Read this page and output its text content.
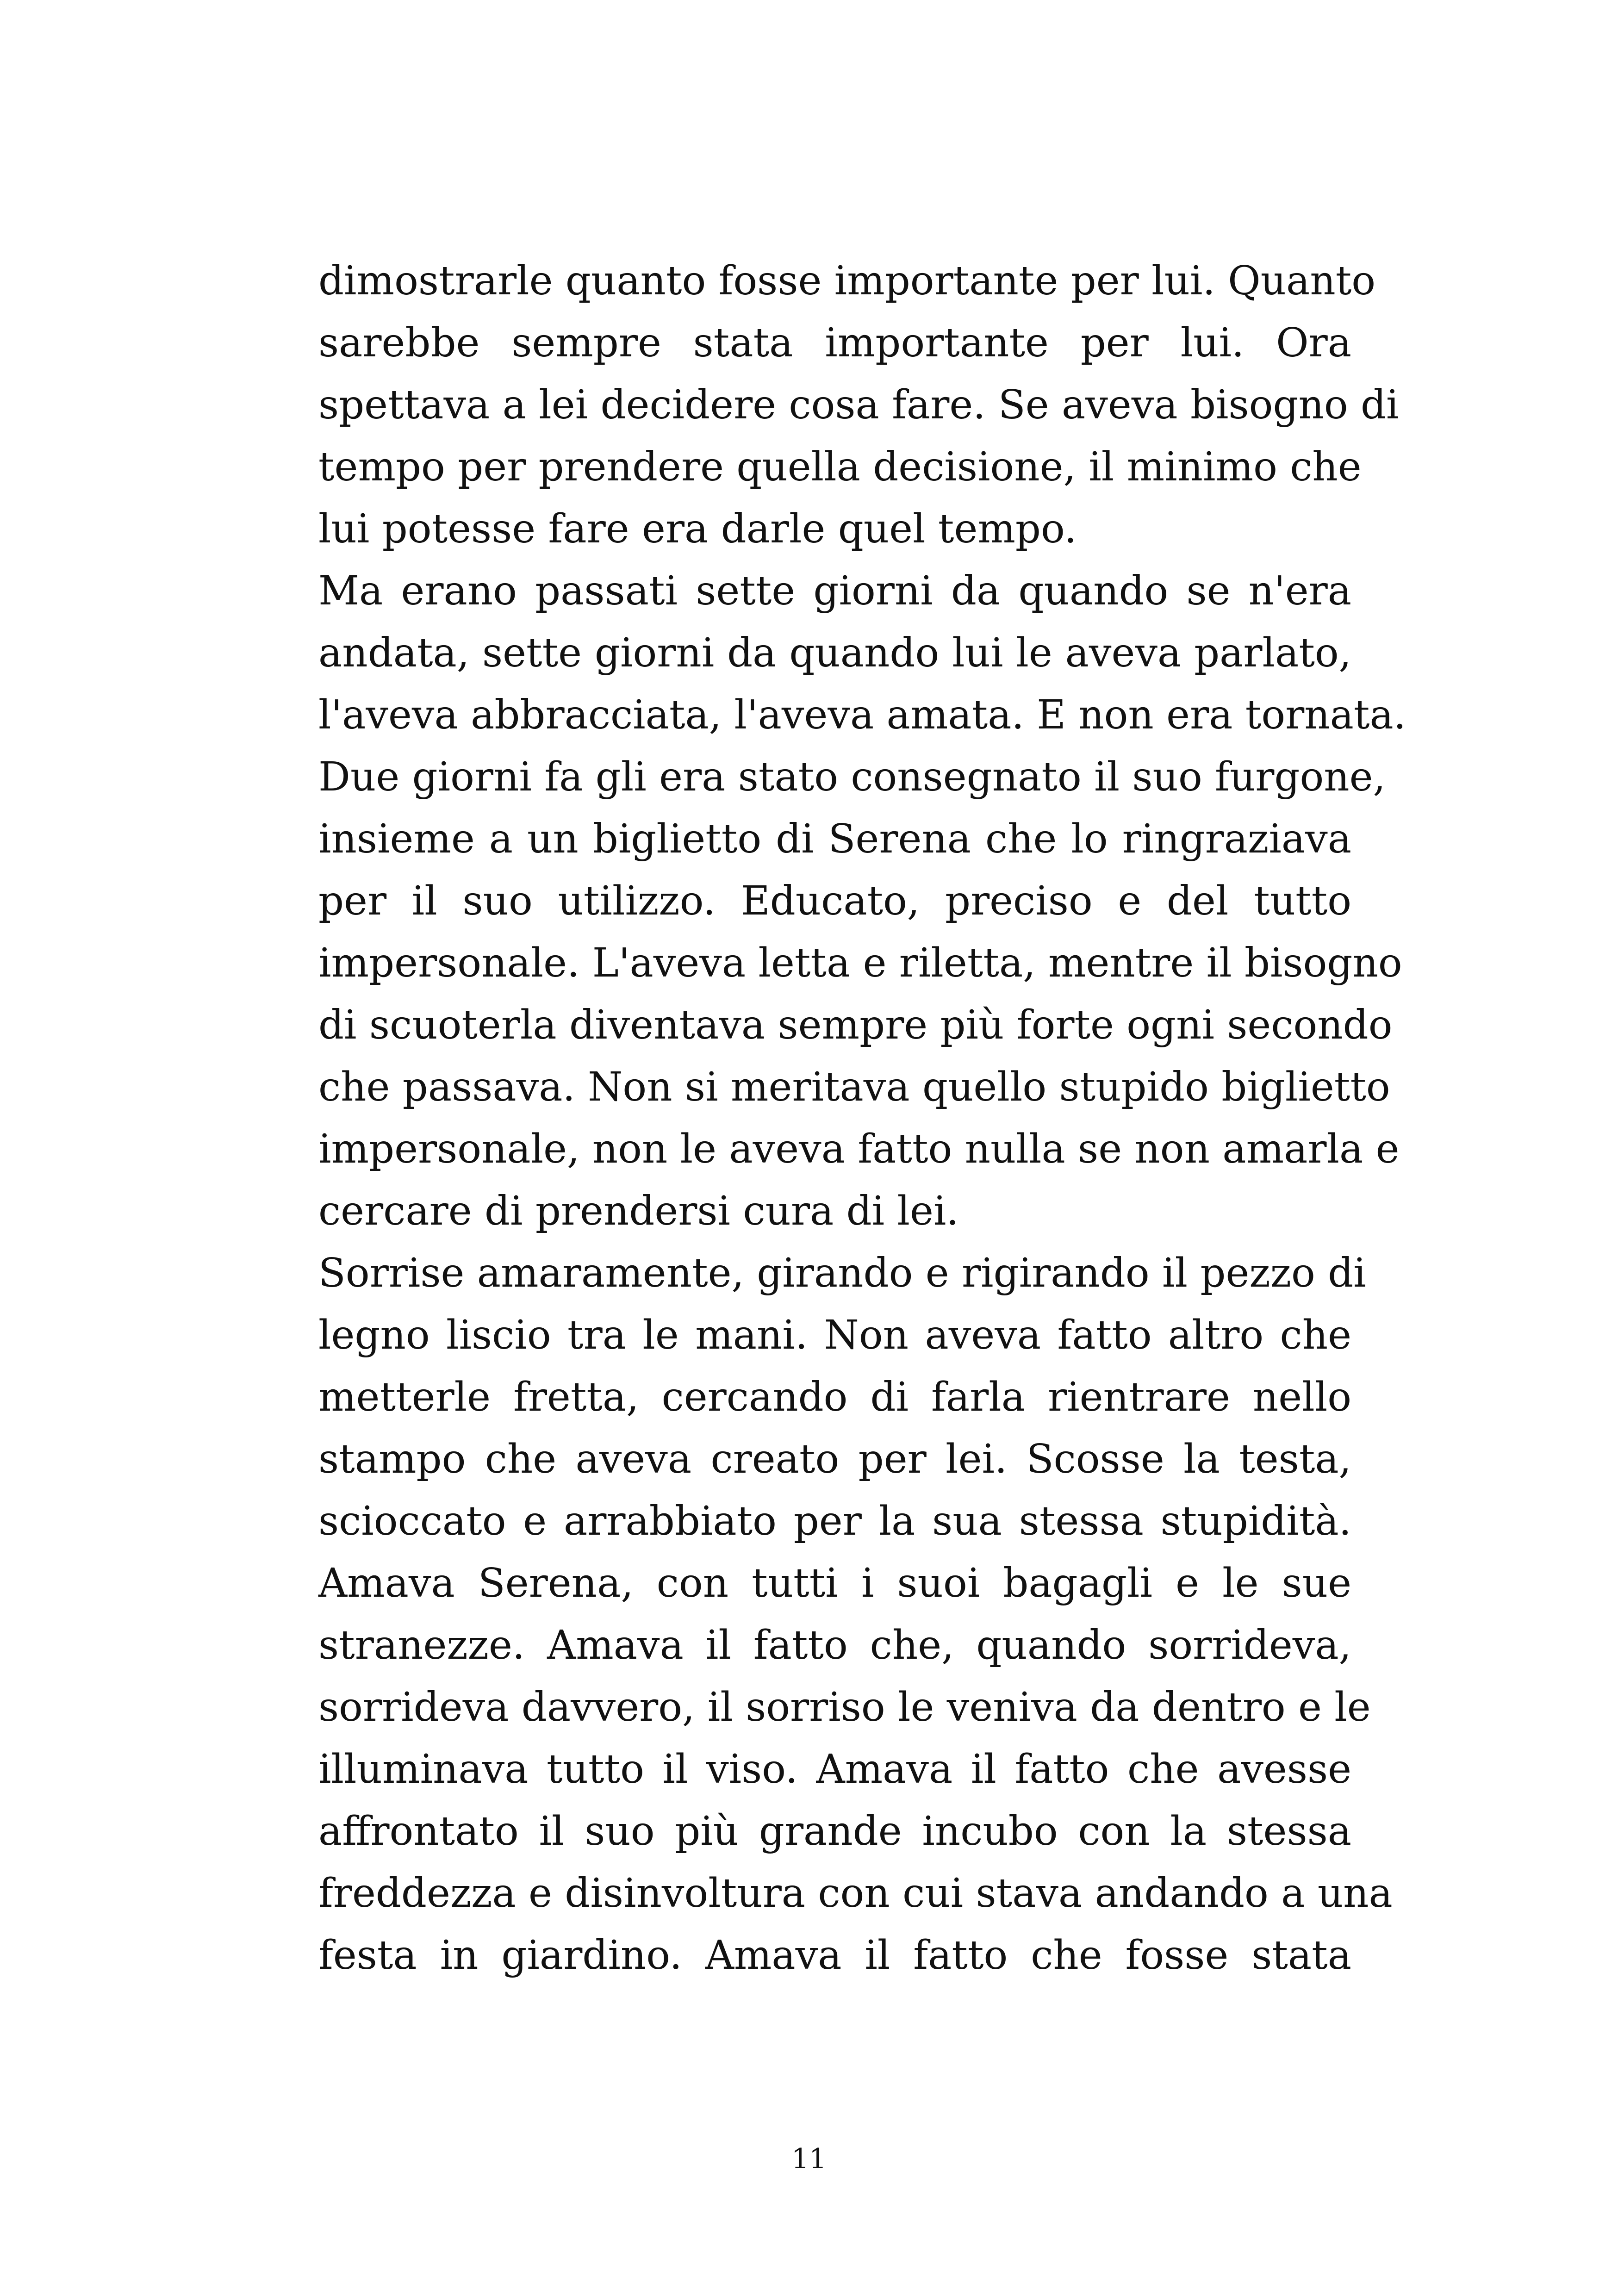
dimostrarle quanto fosse importante per lui. Quanto
sarebbe sempre stata importante per lui. Ora
spettava a lei decidere cosa fare. Se aveva bisogno di
tempo per prendere quella decisione, il minimo che
lui potesse fare era darle quel tempo.
Ma erano passati sette giorni da quando se n'era
andata, sette giorni da quando lui le aveva parlato,
l'aveva abbracciata, l'aveva amata. E non era tornata.
Due giorni fa gli era stato consegnato il suo furgone,
insieme a un biglietto di Serena che lo ringraziava
per il suo utilizzo. Educato, preciso e del tutto
impersonale. L'aveva letta e riletta, mentre il bisogno
di scuoterla diventava sempre più forte ogni secondo
che passava. Non si meritava quello stupido biglietto
impersonale, non le aveva fatto nulla se non amarla e
cercare di prendersi cura di lei.
Sorrise amaramente, girando e rigirando il pezzo di
legno liscio tra le mani. Non aveva fatto altro che
metterle fretta, cercando di farla rientrare nello
stampo che aveva creato per lei. Scosse la testa,
scioccato e arrabbiato per la sua stessa stupidità.
Amava Serena, con tutti i suoi bagagli e le sue
stranezze. Amava il fatto che, quando sorrideva,
sorrideva davvero, il sorriso le veniva da dentro e le
illuminava tutto il viso. Amava il fatto che avesse
affrontato il suo più grande incubo con la stessa
freddezza e disinvoltura con cui stava andando a una
festa in giardino. Amava il fatto che fosse stata
11
